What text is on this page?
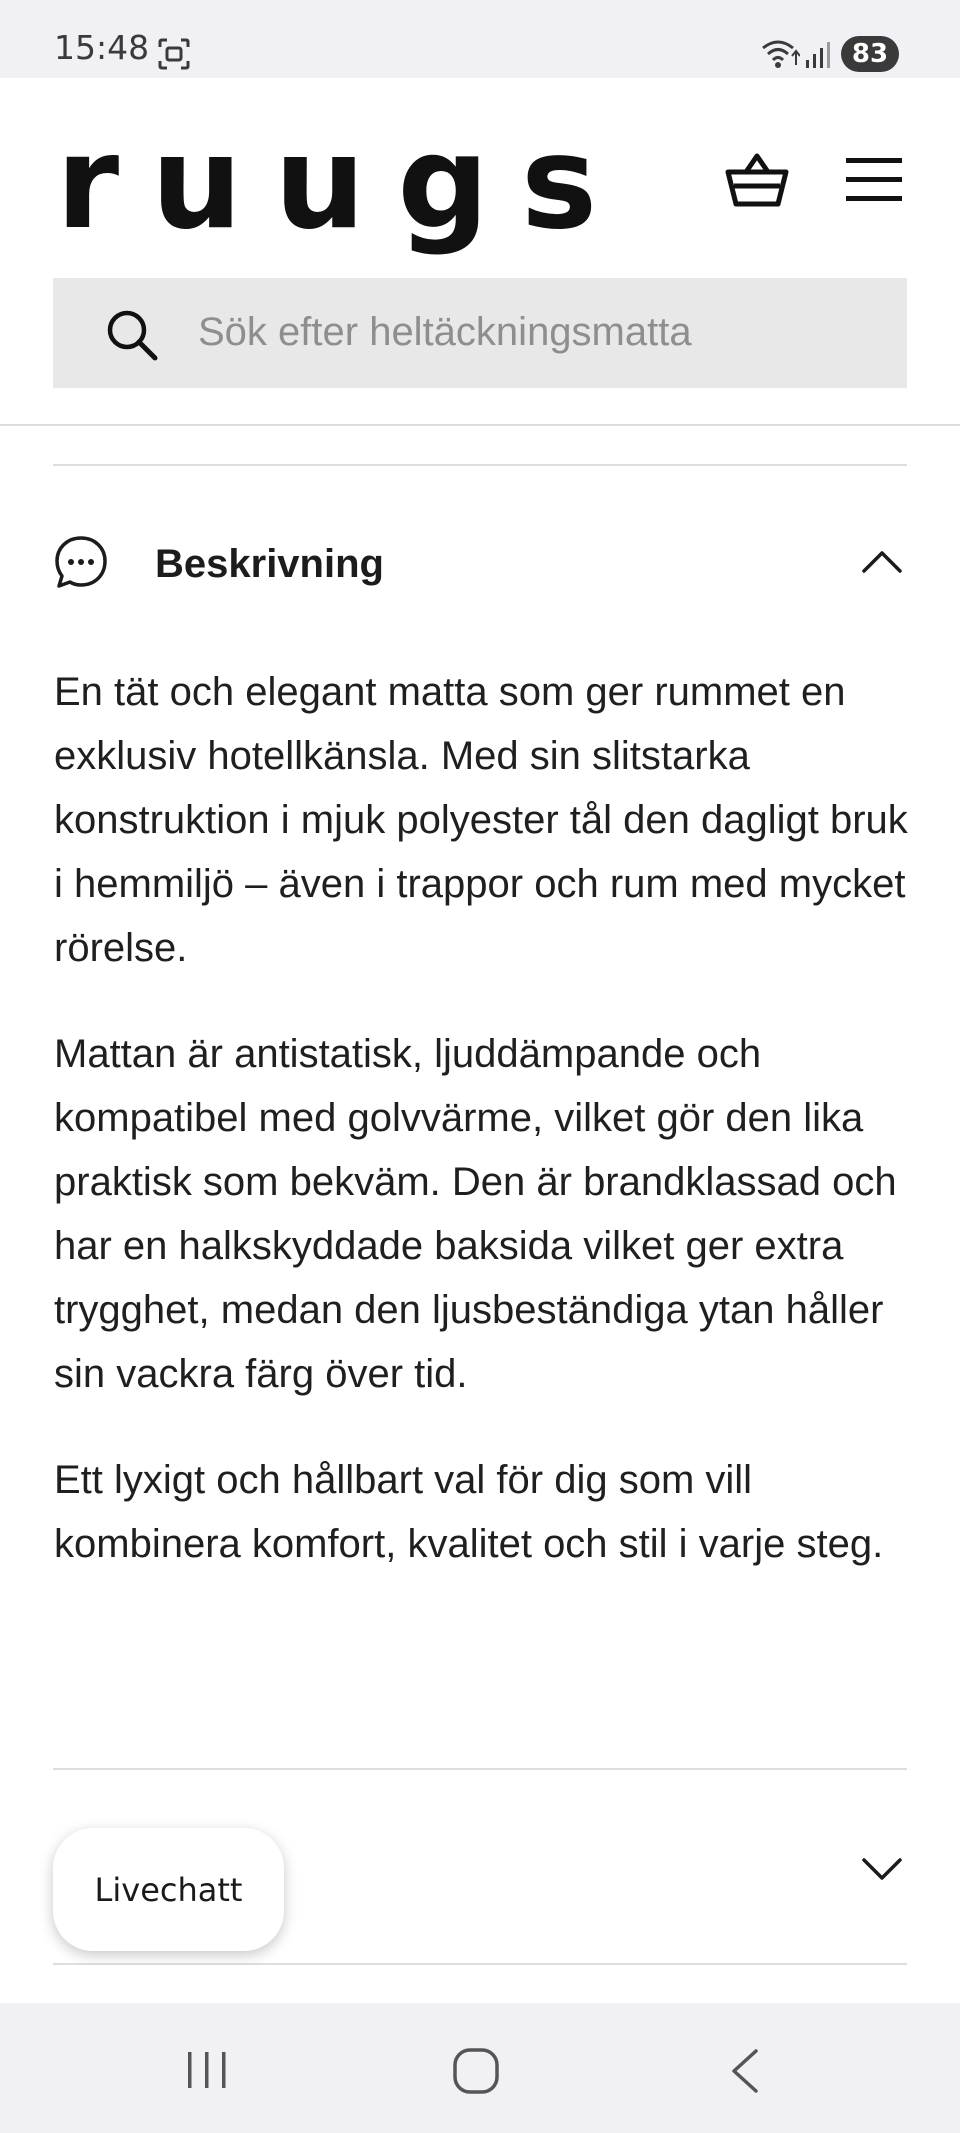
15:48	83
ruugs
Sök efter heltäckningsmatta
Beskrivning

En tät och elegant matta som ger rummet en exklusiv hotellkänsla. Med sin slitstarka konstruktion i mjuk polyester tål den dagligt bruk i hemmiljö – även i trappor och rum med mycket rörelse.

Mattan är antistatisk, ljuddämpande och kompatibel med golvvärme, vilket gör den lika praktisk som bekväm. Den är brandklassad och har en halkskyddade baksida vilket ger extra trygghet, medan den ljusbeständiga ytan håller sin vackra färg över tid.

Ett lyxigt och hållbart val för dig som vill kombinera komfort, kvalitet och stil i varje steg.

Livechatt
